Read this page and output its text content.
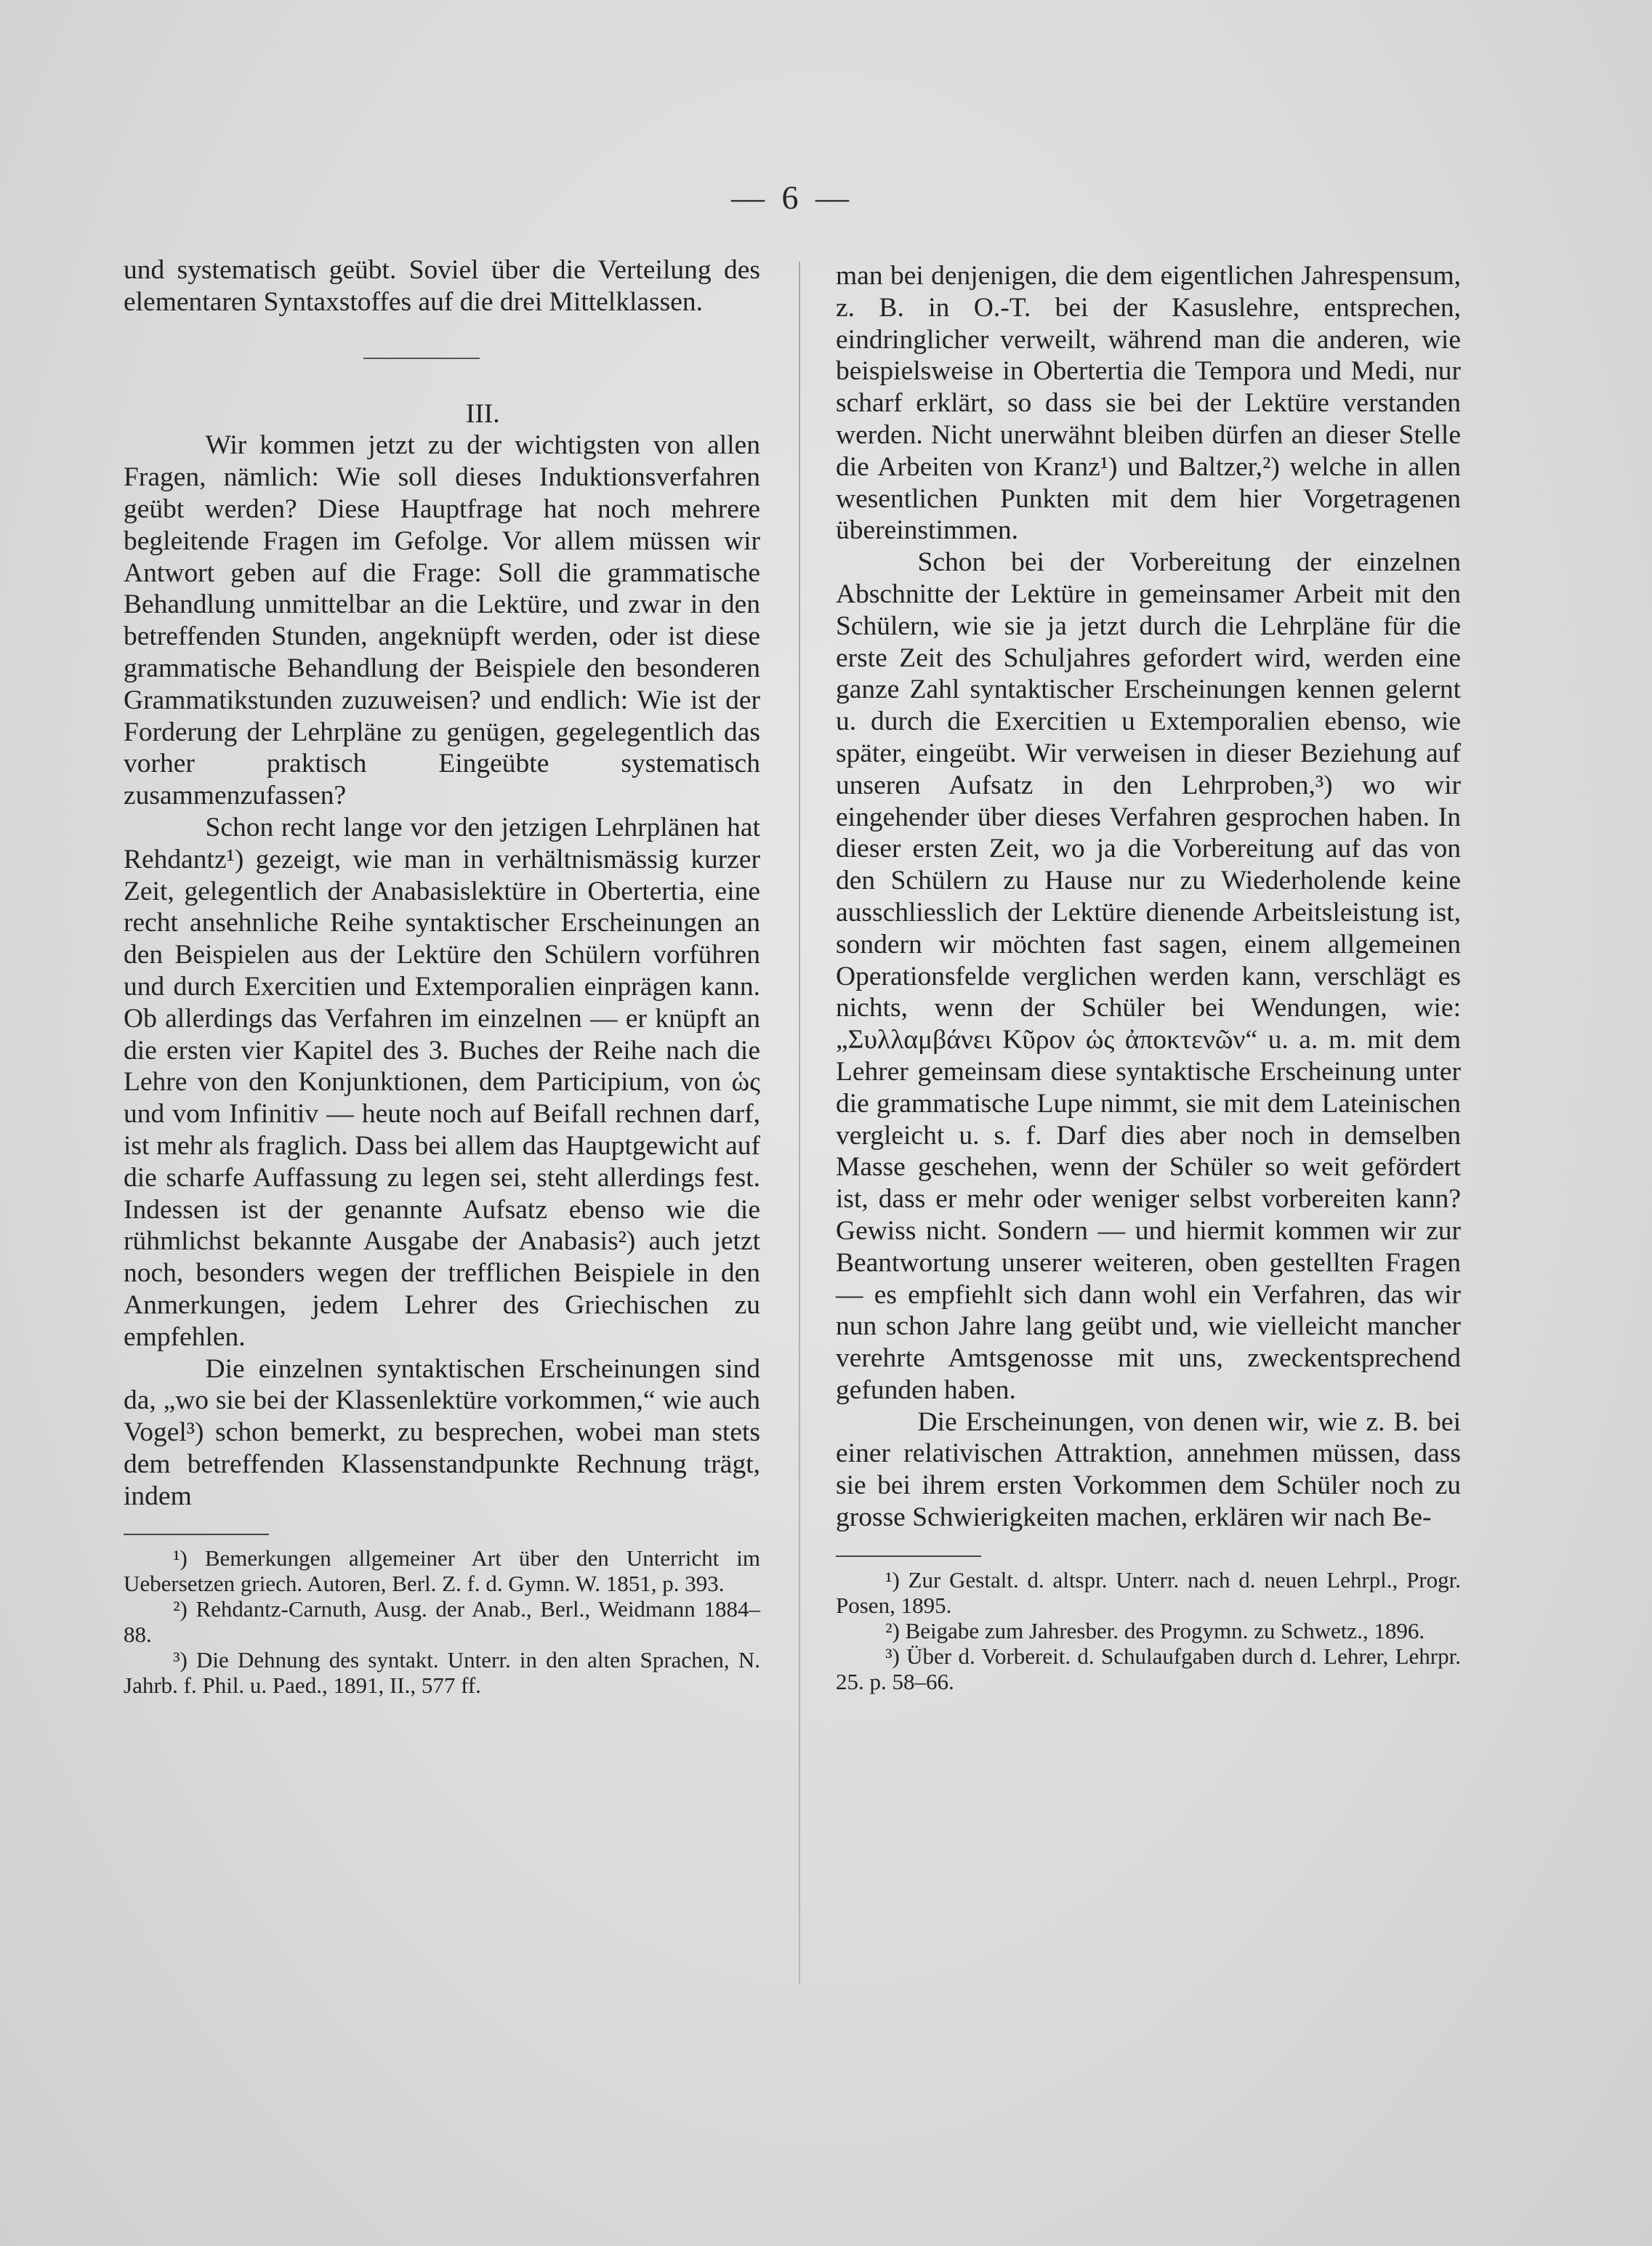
— 6 —

und systematisch geübt. Soviel über die Verteilung des elementaren Syntaxstoffes auf die drei Mittelklassen.

III.

Wir kommen jetzt zu der wichtigsten von allen Fragen, nämlich: Wie soll dieses Induktionsverfahren geübt werden? Diese Hauptfrage hat noch mehrere begleitende Fragen im Gefolge. Vor allem müssen wir Antwort geben auf die Frage: Soll die grammatische Behandlung unmittelbar an die Lektüre, und zwar in den betreffenden Stunden, angeknüpft werden, oder ist diese grammatische Behandlung der Beispiele den besonderen Grammatikstunden zuzuweisen? und endlich: Wie ist der Forderung der Lehrpläne zu genügen, gegelegentlich das vorher praktisch Eingeübte systematisch zusammenzufassen?

Schon recht lange vor den jetzigen Lehrplänen hat Rehdantz¹) gezeigt, wie man in verhältnismässig kurzer Zeit, gelegentlich der Anabasislektüre in Obertertia, eine recht ansehnliche Reihe syntaktischer Erscheinungen an den Beispielen aus der Lektüre den Schülern vorführen und durch Exercitien und Extemporalien einprägen kann. Ob allerdings das Verfahren im einzelnen — er knüpft an die ersten vier Kapitel des 3. Buches der Reihe nach die Lehre von den Konjunktionen, dem Participium, von ὡς und vom Infinitiv — heute noch auf Beifall rechnen darf, ist mehr als fraglich. Dass bei allem das Hauptgewicht auf die scharfe Auffassung zu legen sei, steht allerdings fest. Indessen ist der genannte Aufsatz ebenso wie die rühmlichst bekannte Ausgabe der Anabasis²) auch jetzt noch, besonders wegen der trefflichen Beispiele in den Anmerkungen, jedem Lehrer des Griechischen zu empfehlen.

Die einzelnen syntaktischen Erscheinungen sind da, „wo sie bei der Klassenlektüre vorkommen,“ wie auch Vogel³) schon bemerkt, zu besprechen, wobei man stets dem betreffenden Klassenstandpunkte Rechnung trägt, indem

¹) Bemerkungen allgemeiner Art über den Unterricht im Uebersetzen griech. Autoren, Berl. Z. f. d. Gymn. W. 1851, p. 393.

²) Rehdantz-Carnuth, Ausg. der Anab., Berl., Weidmann 1884–88.

³) Die Dehnung des syntakt. Unterr. in den alten Sprachen, N. Jahrb. f. Phil. u. Paed., 1891, II., 577 ff.

man bei denjenigen, die dem eigentlichen Jahrespensum, z. B. in O.-T. bei der Kasuslehre, entsprechen, eindringlicher verweilt, während man die anderen, wie beispielsweise in Obertertia die Tempora und Medi, nur scharf erklärt, so dass sie bei der Lektüre verstanden werden. Nicht unerwähnt bleiben dürfen an dieser Stelle die Arbeiten von Kranz¹) und Baltzer,²) welche in allen wesentlichen Punkten mit dem hier Vorgetragenen übereinstimmen.

Schon bei der Vorbereitung der einzelnen Abschnitte der Lektüre in gemeinsamer Arbeit mit den Schülern, wie sie ja jetzt durch die Lehrpläne für die erste Zeit des Schuljahres gefordert wird, werden eine ganze Zahl syntaktischer Erscheinungen kennen gelernt u. durch die Exercitien u Extemporalien ebenso, wie später, eingeübt. Wir verweisen in dieser Beziehung auf unseren Aufsatz in den Lehrproben,³) wo wir eingehender über dieses Verfahren gesprochen haben. In dieser ersten Zeit, wo ja die Vorbereitung auf das von den Schülern zu Hause nur zu Wiederholende keine ausschliesslich der Lektüre dienende Arbeitsleistung ist, sondern wir möchten fast sagen, einem allgemeinen Operationsfelde verglichen werden kann, verschlägt es nichts, wenn der Schüler bei Wendungen, wie: „Συλλαμβάνει Κῦρον ὡς ἀποκτενῶν“ u. a. m. mit dem Lehrer gemeinsam diese syntaktische Erscheinung unter die grammatische Lupe nimmt, sie mit dem Lateinischen vergleicht u. s. f. Darf dies aber noch in demselben Masse geschehen, wenn der Schüler so weit gefördert ist, dass er mehr oder weniger selbst vorbereiten kann? Gewiss nicht. Sondern — und hiermit kommen wir zur Beantwortung unserer weiteren, oben gestellten Fragen — es empfiehlt sich dann wohl ein Verfahren, das wir nun schon Jahre lang geübt und, wie vielleicht mancher verehrte Amtsgenosse mit uns, zweckentsprechend gefunden haben.

Die Erscheinungen, von denen wir, wie z. B. bei einer relativischen Attraktion, annehmen müssen, dass sie bei ihrem ersten Vorkommen dem Schüler noch zu grosse Schwierigkeiten machen, erklären wir nach Be-

¹) Zur Gestalt. d. altspr. Unterr. nach d. neuen Lehrpl., Progr. Posen, 1895.

²) Beigabe zum Jahresber. des Progymn. zu Schwetz., 1896.

³) Über d. Vorbereit. d. Schulaufgaben durch d. Lehrer, Lehrpr. 25. p. 58–66.
